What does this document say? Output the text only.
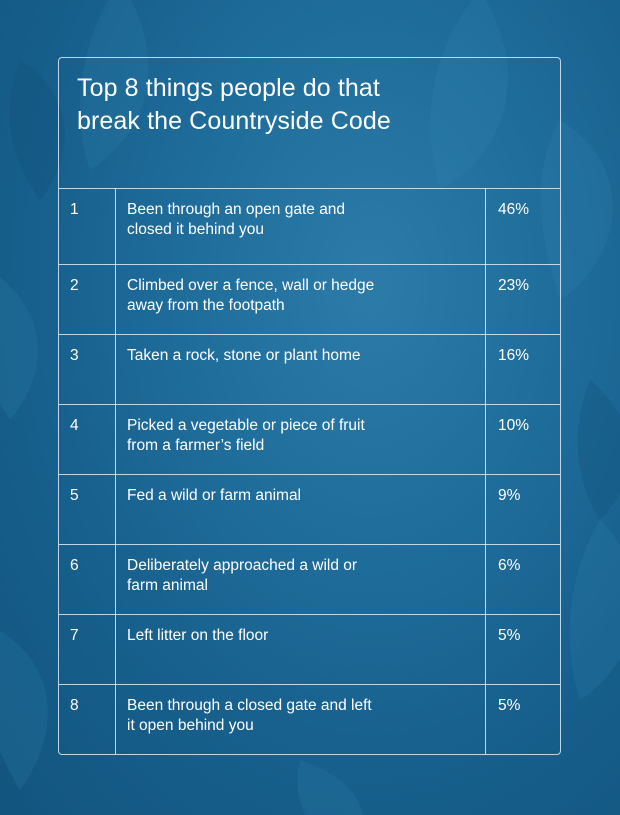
Top 8 things people do that
break the Countryside Code
1	Been through an open gate and
closed it behind you
46%
2	Climbed over a fence, wall or hedge
away from the footpath
23%
3	Taken a rock, stone or plant home	16%
4	Picked a vegetable or piece of fruit
from a farmer’s field
10%
5	Fed a wild or farm animal	9%
6	Deliberately approached a wild or
farm animal
6%
7	Left litter on the floor	5%
8	Been through a closed gate and left
it open behind you
5%
